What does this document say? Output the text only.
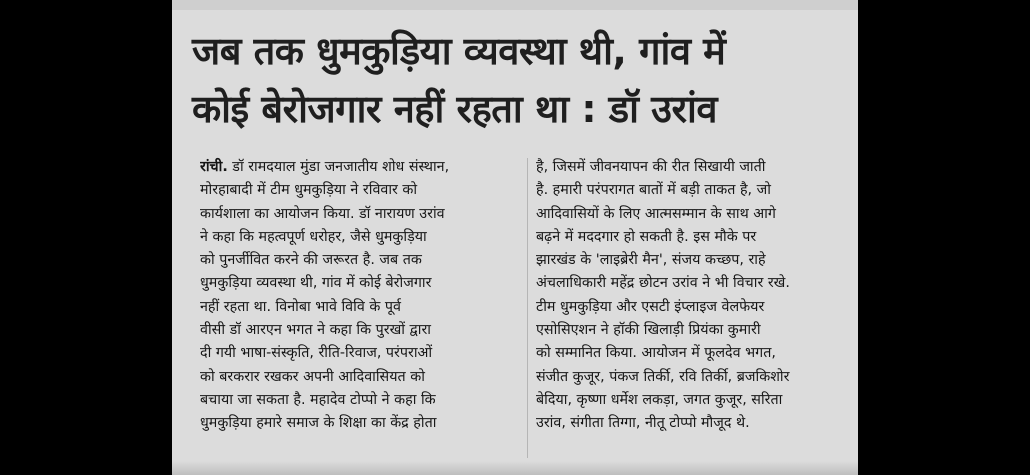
जब तक धुमकुड़िया व्यवस्था थी, गांव में
कोई बेरोजगार नहीं रहता था : डॉ उरांव
रांची. डॉ रामदयाल मुंडा जनजातीय शोध संस्थान,
मोरहाबादी में टीम धुमकुड़िया ने रविवार को
कार्यशाला का आयोजन किया. डॉ नारायण उरांव
ने कहा कि महत्वपूर्ण धरोहर, जैसे धुमकुड़िया
को पुनर्जीवित करने की जरूरत है. जब तक
धुमकुड़िया व्यवस्था थी, गांव में कोई बेरोजगार
नहीं रहता था. विनोबा भावे विवि के पूर्व
वीसी डॉ आरएन भगत ने कहा कि पुरखों द्वारा
दी गयी भाषा-संस्कृति, रीति-रिवाज, परंपराओं
को बरकरार रखकर अपनी आदिवासियत को
बचाया जा सकता है. महादेव टोप्पो ने कहा कि
धुमकुड़िया हमारे समाज के शिक्षा का केंद्र होता
है, जिसमें जीवनयापन की रीत सिखायी जाती
है. हमारी परंपरागत बातों में बड़ी ताकत है, जो
आदिवासियों के लिए आत्मसम्मान के साथ आगे
बढ़ने में मददगार हो सकती है. इस मौके पर
झारखंड के 'लाइब्रेरी मैन', संजय कच्छप, राहे
अंचलाधिकारी महेंद्र छोटन उरांव ने भी विचार रखे.
टीम धुमकुड़िया और एसटी इंप्लाइज वेलफेयर
एसोसिएशन ने हॉकी खिलाड़ी प्रियंका कुमारी
को सम्मानित किया. आयोजन में फूलदेव भगत,
संजीत कुजूर, पंकज तिर्की, रवि तिर्की, ब्रजकिशोर
बेदिया, कृष्णा धर्मेश लकड़ा, जगत कुजूर, सरिता
उरांव, संगीता तिग्गा, नीतू टोप्पो मौजूद थे.
